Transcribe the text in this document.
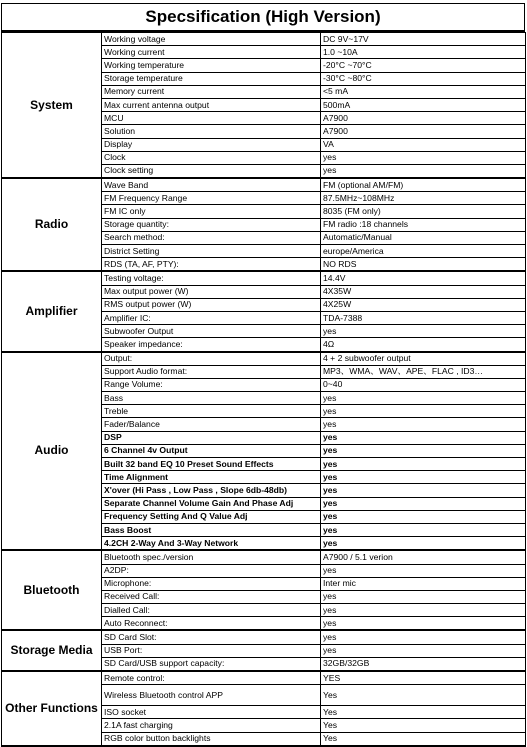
Specsification (High Version)
System	Working voltage	DC 9V~17V
	Working current	1.0 ~10A
	Working temperature	-20°C ~70°C
	Storage temperature	-30°C ~80°C
	Memory current	<5 mA
	Max current antenna output	500mA
	MCU	A7900
	Solution	A7900
	Display	VA
	Clock	yes
	Clock setting	yes
Radio	Wave Band	FM (optional AM/FM)
	FM Frequency Range	87.5MHz~108MHz
	FM IC only	8035 (FM only)
	Storage quantity:	FM radio :18 channels
	Search method:	Automatic/Manual
	District Setting	europe/America
	RDS (TA, AF, PTY):	NO RDS
Amplifier	Testing voltage:	14.4V
	Max output power (W)	4X35W
	RMS output power (W)	4X25W
	Amplifier IC:	TDA-7388
	Subwoofer Output	yes
	Speaker impedance:	4Ω
Audio	Output:	4 + 2 subwoofer output
	Support Audio format:	MP3、WMA、WAV、APE、FLAC , ID3…
	Range Volume:	0~40
	Bass	yes
	Treble	yes
	Fader/Balance	yes
	DSP	yes
	6 Channel 4v Output	yes
	Built 32 band EQ 10 Preset Sound Effects	yes
	Time Alignment	yes
	X'over (Hi Pass , Low Pass , Slope 6db-48db)	yes
	Separate Channel Volume Gain And Phase Adj	yes
	Frequency Setting And Q Value Adj	yes
	Bass Boost	yes
	4.2CH 2-Way And 3-Way Network	yes
Bluetooth	Bluetooth spec./version	A7900 / 5.1 verion
	A2DP:	yes
	Microphone:	Inter mic
	Received Call:	yes
	Dialled Call:	yes
	Auto Reconnect:	yes
Storage Media	SD Card Slot:	yes
	USB Port:	yes
	SD Card/USB support capacity:	32GB/32GB
Other Functions	Remote control:	YES
	Wireless Bluetooth control APP	Yes
	ISO socket	Yes
	2.1A fast charging	Yes
	RGB color button backlights	Yes
